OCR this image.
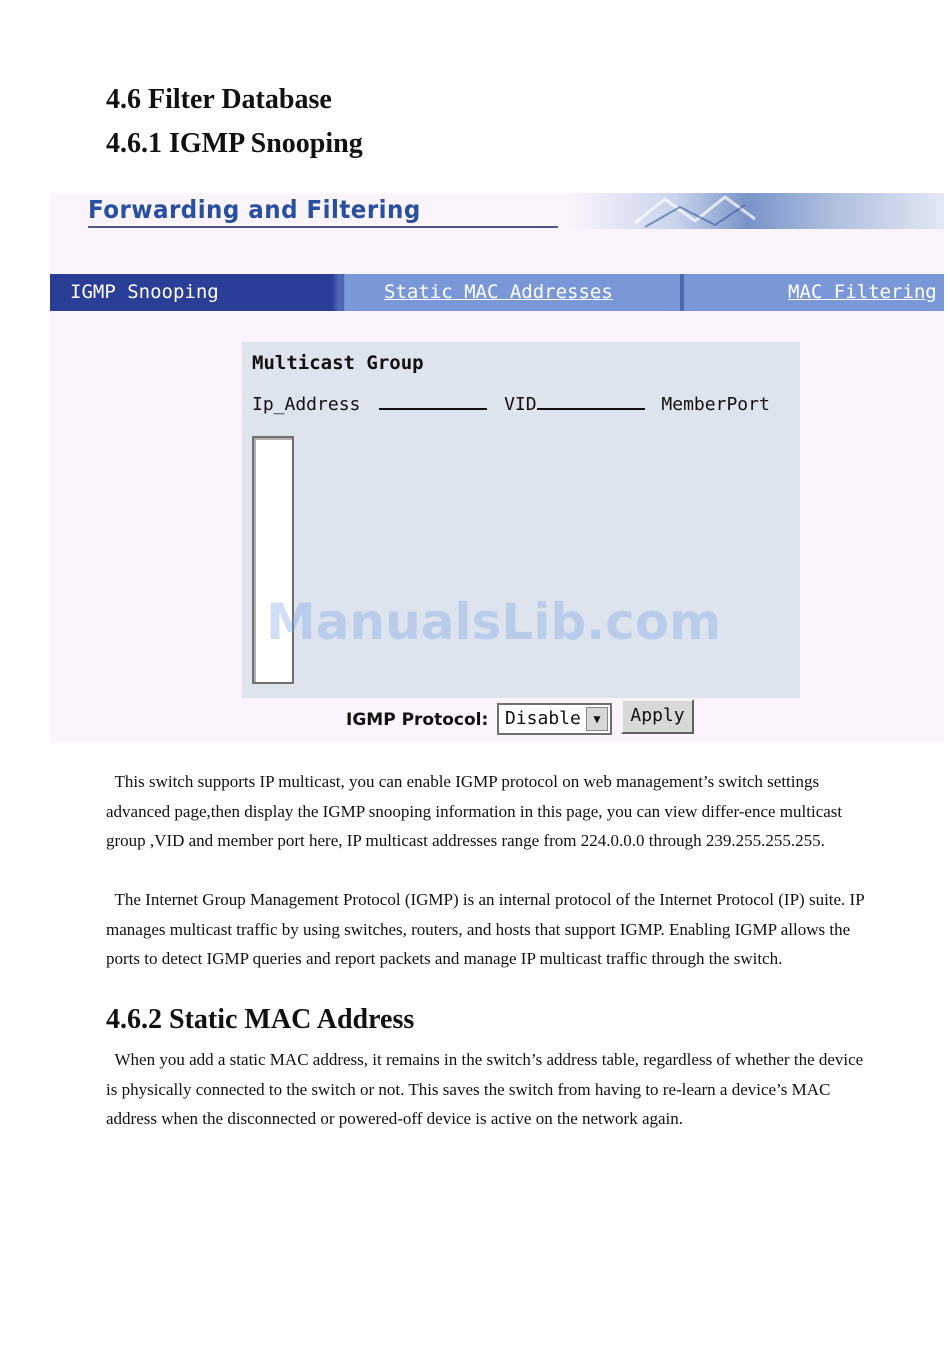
4.6 Filter Database
4.6.1 IGMP Snooping
Forwarding and Filtering
IGMP Snooping	Static MAC Addresses	MAC Filtering
Multicast Group
Ip_Address	VID	MemberPort
ManualsLib.com
IGMP Protocol: Disable	▼	Apply

This switch supports IP multicast, you can enable IGMP protocol on web management’s switch settings advanced page,then display the IGMP snooping information in this page, you can view differ-ence multicast group ,VID and member port here, IP multicast addresses range from 224.0.0.0 through 239.255.255.255.

The Internet Group Management Protocol (IGMP) is an internal protocol of the Internet Protocol (IP) suite. IP manages multicast traffic by using switches, routers, and hosts that support IGMP. Enabling IGMP allows the ports to detect IGMP queries and report packets and manage IP multicast traffic through the switch.

4.6.2 Static MAC Address

When you add a static MAC address, it remains in the switch’s address table, regardless of whether the device is physically connected to the switch or not. This saves the switch from having to re-learn a device’s MAC address when the disconnected or powered-off device is active on the network again.
